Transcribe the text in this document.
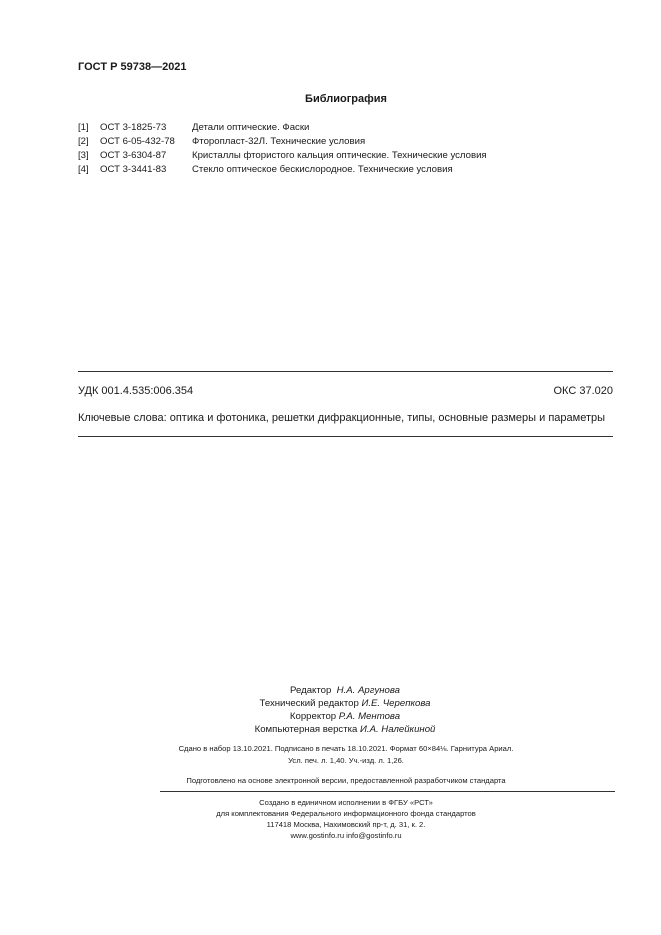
ГОСТ Р 59738—2021
Библиография
[1] ОСТ 3-1825-73	Детали оптические. Фаски
[2] ОСТ 6-05-432-78 Фторопласт-32Л. Технические условия
[3] ОСТ 3-6304-87	Кристаллы фтористого кальция оптические. Технические условия
[4] ОСТ 3-3441-83	Стекло оптическое бескислородное. Технические условия
УДК 001.4.535:006.354	ОКС 37.020
Ключевые слова: оптика и фотоника, решетки дифракционные, типы, основные размеры и параметры
Редактор Н.А. Аргунова
Технический редактор И.Е. Черепкова
Корректор Р.А. Ментова
Компьютерная верстка И.А. Налейкиной
Сдано в набор 13.10.2021. Подписано в печать 18.10.2021. Формат 60×84⅛. Гарнитура Ариал.
Усл. печ. л. 1,40. Уч.-изд. л. 1,26.
Подготовлено на основе электронной версии, предоставленной разработчиком стандарта
Создано в единичном исполнении в ФГБУ «РСТ»
для комплектования Федерального информационного фонда стандартов
117418 Москва, Нахимовский пр-т, д. 31, к. 2.
www.gostinfo.ru info@gostinfo.ru
